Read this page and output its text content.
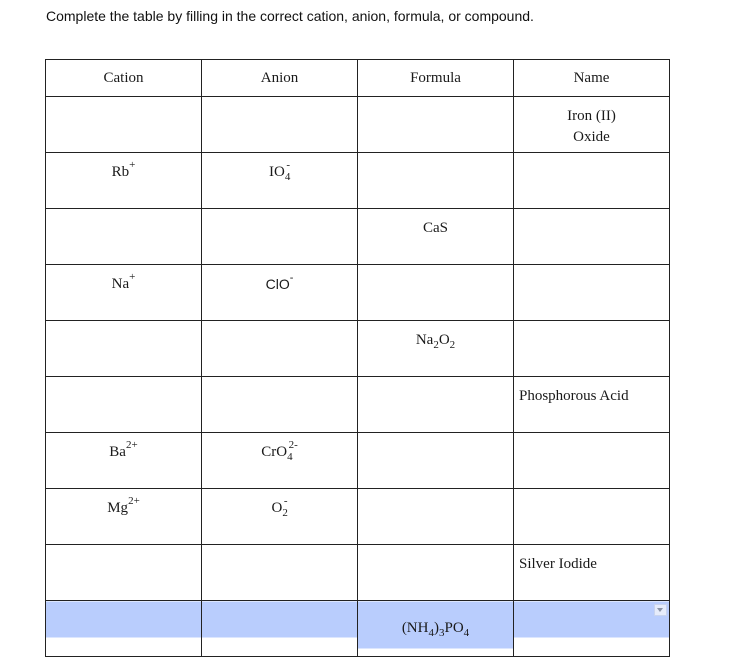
Complete the table by filling in the correct cation, anion, formula, or compound.
Cation	Anion	Formula	Name

			Iron (II)
Oxide

Rb+	$IO_4^-$

		CaS	

Na+	ClO-

		$Na_2O_2$

			Phosphorous Acid

$Ba^{2+}$	CrO$_4^{2-}$

$Mg^{2+}$	$O_2^-$

			Silver Iodide

		$(NH_4)_3PO_4$
